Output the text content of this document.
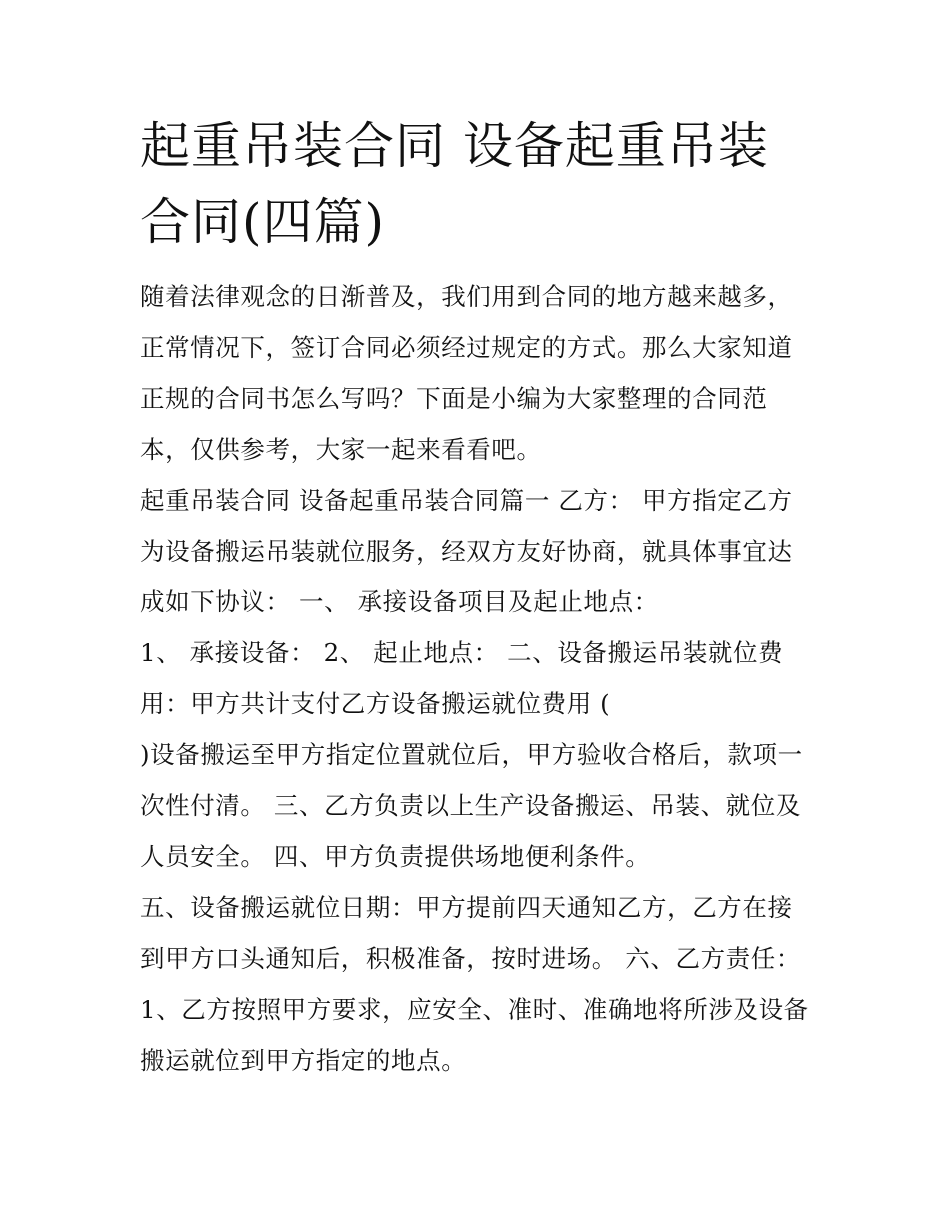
起重吊装合同 设备起重吊装合同(四篇)

随着法律观念的日渐普及，我们用到合同的地方越来越多，正常情况下，签订合同必须经过规定的方式。那么大家知道正规的合同书怎么写吗？下面是小编为大家整理的合同范本，仅供参考，大家一起来看看吧。

起重吊装合同 设备起重吊装合同篇一 乙方： 甲方指定乙方为设备搬运吊装就位服务，经双方友好协商，就具体事宜达成如下协议： 一、 承接设备项目及起止地点：

1、 承接设备： 2、 起止地点： 二、设备搬运吊装就位费用：甲方共计支付乙方设备搬运就位费用 (

)设备搬运至甲方指定位置就位后，甲方验收合格后，款项一次性付清。 三、乙方负责以上生产设备搬运、吊装、就位及人员安全。 四、甲方负责提供场地便利条件。

五、设备搬运就位日期：甲方提前四天通知乙方，乙方在接到甲方口头通知后，积极准备，按时进场。 六、乙方责任：

1、乙方按照甲方要求，应安全、准时、准确地将所涉及设备搬运就位到甲方指定的地点。
